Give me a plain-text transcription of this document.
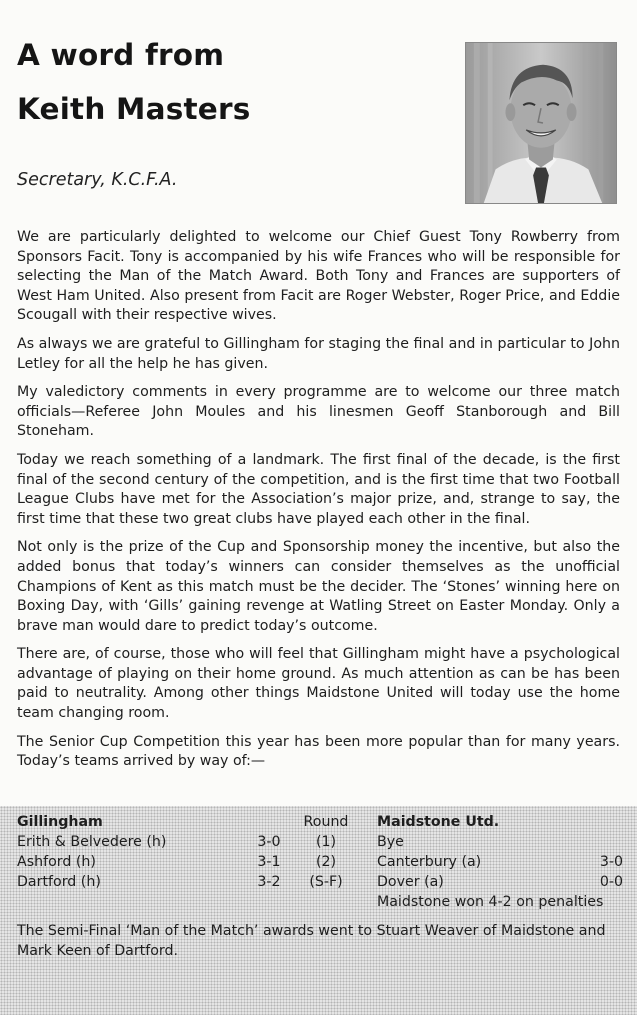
A word from
Keith Masters
Secretary, K.C.F.A.

We are particularly delighted to welcome our Chief Guest Tony Rowberry from Sponsors Facit. Tony is accompanied by his wife Frances who will be responsible for selecting the Man of the Match Award. Both Tony and Frances are supporters of West Ham United. Also present from Facit are Roger Webster, Roger Price, and Eddie Scougall with their respective wives.

As always we are grateful to Gillingham for staging the final and in particular to John Letley for all the help he has given.

My valedictory comments in every programme are to welcome our three match officials—Referee John Moules and his linesmen Geoff Stanborough and Bill Stoneham.

Today we reach something of a landmark. The first final of the decade, is the first final of the second century of the competition, and is the first time that two Football League Clubs have met for the Association’s major prize, and, strange to say, the first time that these two great clubs have played each other in the final.

Not only is the prize of the Cup and Sponsorship money the incentive, but also the added bonus that today’s winners can consider themselves as the unofficial Champions of Kent as this match must be the decider. The ‘Stones’ winning here on Boxing Day, with ‘Gills’ gaining revenge at Watling Street on Easter Monday. Only a brave man would dare to predict today’s outcome.

There are, of course, those who will feel that Gillingham might have a psychological advantage of playing on their home ground. As much attention as can be has been paid to neutrality. Among other things Maidstone United will today use the home team changing room.

The Senior Cup Competition this year has been more popular than for many years. Today’s teams arrived by way of:—

Gillingham		Round	Maidstone Utd.	
Erith & Belvedere (h)	3-0	(1)	Bye	
Ashford (h)	3-1	(2)	Canterbury (a)	3-0
Dartford (h)	3-2	(S-F)	Dover (a)	0-0
			Maidstone won 4-2 on penalties	

The Semi-Final ‘Man of the Match’ awards went to Stuart Weaver of Maidstone and Mark Keen of Dartford.
